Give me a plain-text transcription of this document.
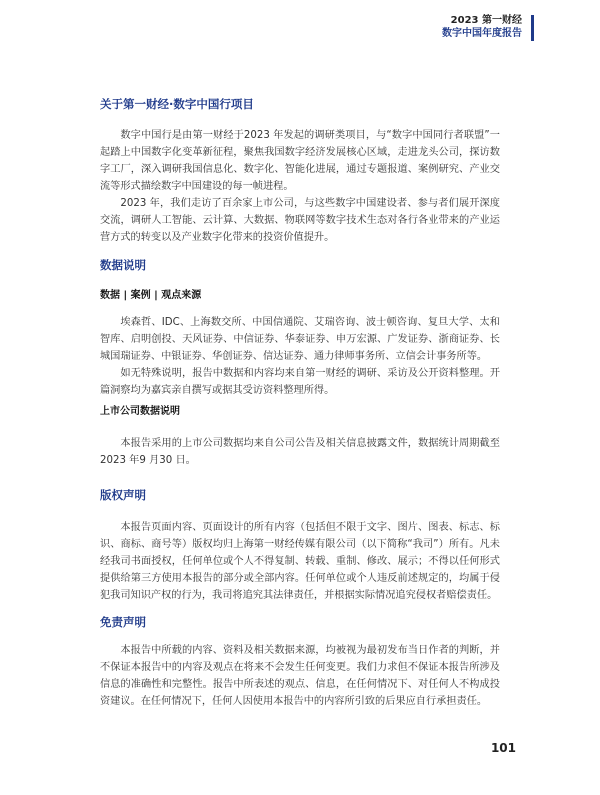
2023 第一财经
数字中国年度报告
关于第一财经·数字中国行项目

数字中国行是由第一财经于2023 年发起的调研类项目，与“数字中国同行者联盟”一起踏上中国数字化变革新征程，聚焦我国数字经济发展核心区域，走进龙头公司，探访数字工厂，深入调研我国信息化、数字化、智能化进展，通过专题报道、案例研究、产业交流等形式描绘数字中国建设的每一帧进程。

2023 年，我们走访了百余家上市公司，与这些数字中国建设者、参与者们展开深度交流，调研人工智能、云计算、大数据、物联网等数字技术生态对各行各业带来的产业运营方式的转变以及产业数字化带来的投资价值提升。

数据说明
数据 | 案例 | 观点来源

埃森哲、IDC、上海数交所、中国信通院、艾瑞咨询、波士顿咨询、复旦大学、太和智库、启明创投、天风证券、中信证券、华泰证券、申万宏源、广发证券、浙商证券、长城国瑞证券、中银证券、华创证券、信达证券、通力律师事务所、立信会计事务所等。

如无特殊说明，报告中数据和内容均来自第一财经的调研、采访及公开资料整理。开篇洞察均为嘉宾亲自撰写或据其受访资料整理所得。

上市公司数据说明

本报告采用的上市公司数据均来自公司公告及相关信息披露文件，数据统计周期截至2023 年9 月30 日。

版权声明

本报告页面内容、页面设计的所有内容（包括但不限于文字、图片、图表、标志、标识、商标、商号等）版权均归上海第一财经传媒有限公司（以下简称“我司”）所有。凡未经我司书面授权，任何单位或个人不得复制、转载、重制、修改、展示；不得以任何形式提供给第三方使用本报告的部分或全部内容。任何单位或个人违反前述规定的，均属于侵犯我司知识产权的行为，我司将追究其法律责任，并根据实际情况追究侵权者赔偿责任。

免责声明

本报告中所载的内容、资料及相关数据来源，均被视为最初发布当日作者的判断，并不保证本报告中的内容及观点在将来不会发生任何变更。我们力求但不保证本报告所涉及信息的准确性和完整性。报告中所表述的观点、信息，在任何情况下、对任何人不构成投资建议。在任何情况下，任何人因使用本报告中的内容所引致的后果应自行承担责任。

101
